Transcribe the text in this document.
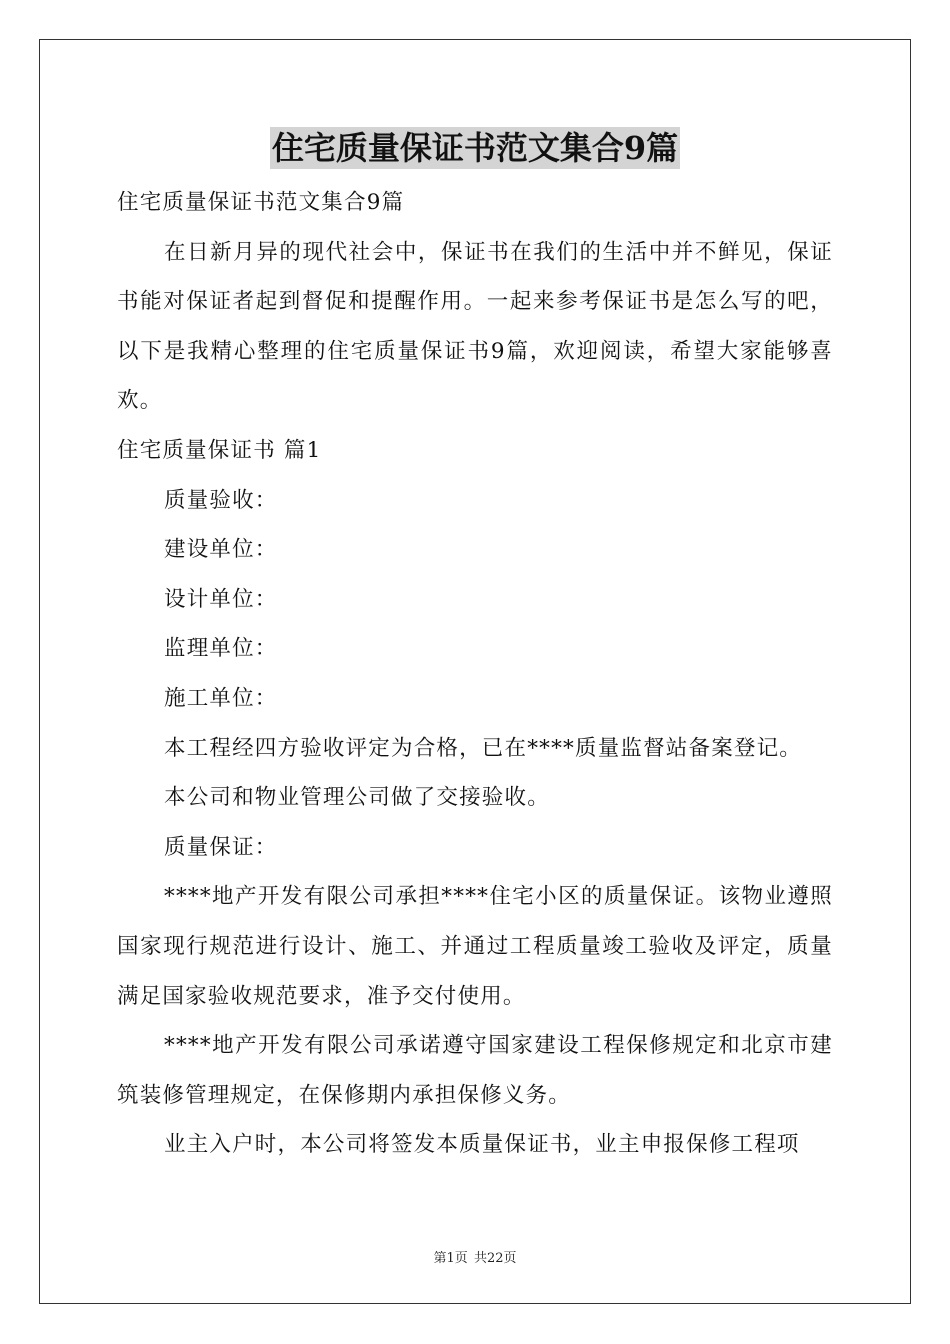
住宅质量保证书范文集合9篇

住宅质量保证书范文集合9篇

在日新月异的现代社会中，保证书在我们的生活中并不鲜见，保证书能对保证者起到督促和提醒作用。一起来参考保证书是怎么写的吧，以下是我精心整理的住宅质量保证书9篇，欢迎阅读，希望大家能够喜欢。

住宅质量保证书 篇1

质量验收：

建设单位：

设计单位：

监理单位：

施工单位：

本工程经四方验收评定为合格，已在****质量监督站备案登记。

本公司和物业管理公司做了交接验收。

质量保证：

****地产开发有限公司承担****住宅小区的质量保证。该物业遵照国家现行规范进行设计、施工、并通过工程质量竣工验收及评定，质量满足国家验收规范要求，准予交付使用。

****地产开发有限公司承诺遵守国家建设工程保修规定和北京市建筑装修管理规定，在保修期内承担保修义务。

业主入户时，本公司将签发本质量保证书，业主申报保修工程项

第1页 共22页
